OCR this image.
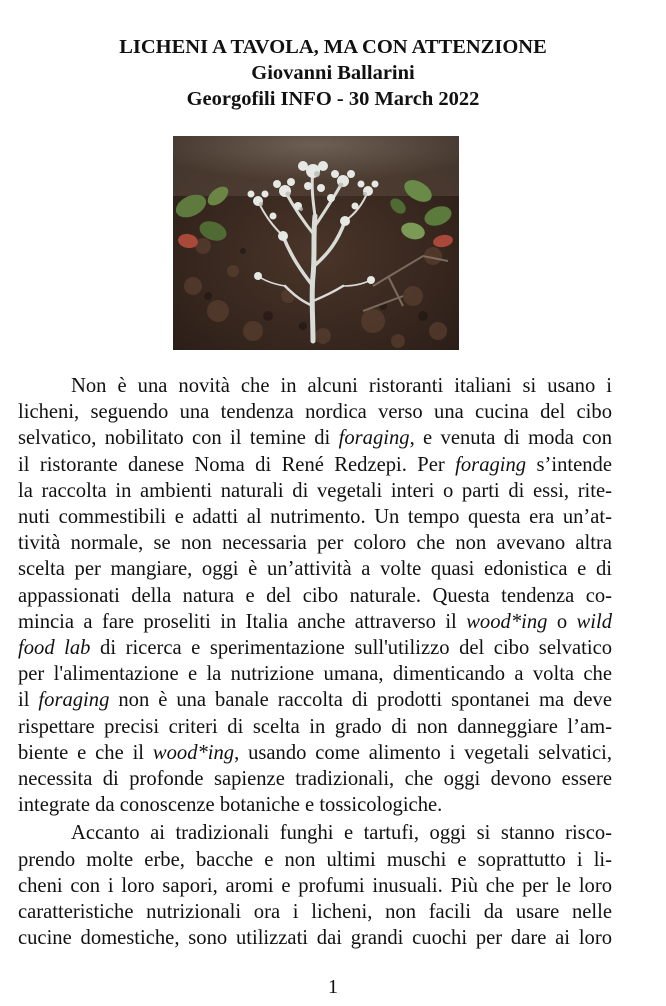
LICHENI A TAVOLA, MA CON ATTENZIONE
Giovanni Ballarini
Georgofili INFO - 30 March 2022
Non è una novità che in alcuni ristoranti italiani si usano i
licheni, seguendo una tendenza nordica verso una cucina del cibo
selvatico, nobilitato con il temine di foraging, e venuta di moda con
il ristorante danese Noma di René Redzepi. Per foraging s’intende
la raccolta in ambienti naturali di vegetali interi o parti di essi, rite-
nuti commestibili e adatti al nutrimento. Un tempo questa era un’at-
tività normale, se non necessaria per coloro che non avevano altra
scelta per mangiare, oggi è un’attività a volte quasi edonistica e di
appassionati della natura e del cibo naturale. Questa tendenza co-
mincia a fare proseliti in Italia anche attraverso il wood*ing o wild
food lab di ricerca e sperimentazione sull'utilizzo del cibo selvatico
per l'alimentazione e la nutrizione umana, dimenticando a volta che
il foraging non è una banale raccolta di prodotti spontanei ma deve
rispettare precisi criteri di scelta in grado di non danneggiare l’am-
biente e che il wood*ing, usando come alimento i vegetali selvatici,
necessita di profonde sapienze tradizionali, che oggi devono essere
integrate da conoscenze botaniche e tossicologiche.
Accanto ai tradizionali funghi e tartufi, oggi si stanno risco-
prendo molte erbe, bacche e non ultimi muschi e soprattutto i li-
cheni con i loro sapori, aromi e profumi inusuali. Più che per le loro
caratteristiche nutrizionali ora i licheni, non facili da usare nelle
cucine domestiche, sono utilizzati dai grandi cuochi per dare ai loro
1
